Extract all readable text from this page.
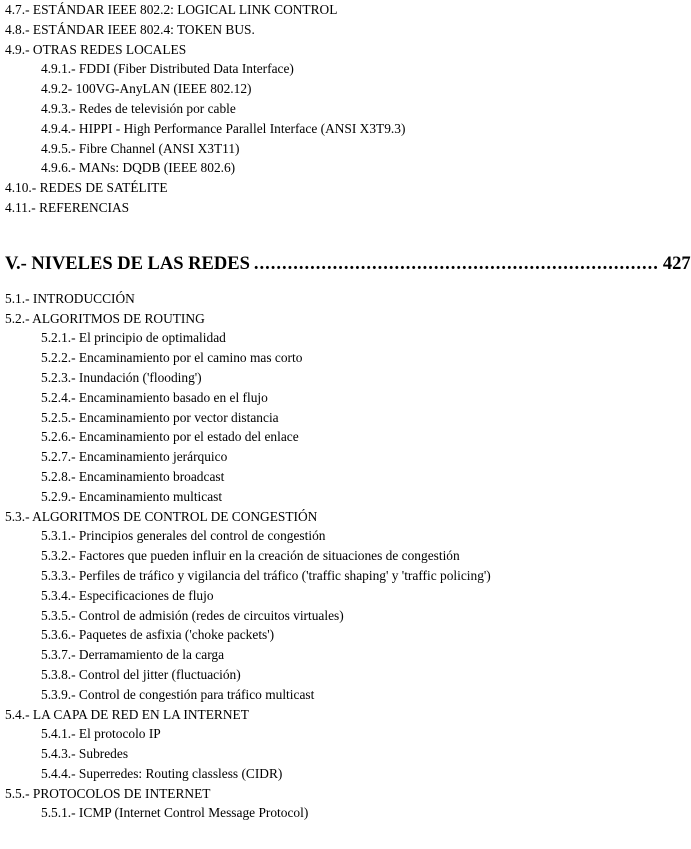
4.7.- ESTÁNDAR IEEE 802.2: LOGICAL LINK CONTROL
4.8.- ESTÁNDAR IEEE 802.4: TOKEN BUS.
4.9.- OTRAS REDES LOCALES
4.9.1.- FDDI (Fiber Distributed Data Interface)
4.9.2- 100VG-AnyLAN (IEEE 802.12)
4.9.3.- Redes de televisión por cable
4.9.4.- HIPPI - High Performance Parallel Interface (ANSI X3T9.3)
4.9.5.- Fibre Channel (ANSI X3T11)
4.9.6.- MANs: DQDB (IEEE 802.6)
4.10.- REDES DE SATÉLITE
4.11.- REFERENCIAS
V.- NIVELES DE LAS REDES ........................................................................ 427
5.1.- INTRODUCCIÓN
5.2.- ALGORITMOS DE ROUTING
5.2.1.- El principio de optimalidad
5.2.2.- Encaminamiento por el camino mas corto
5.2.3.- Inundación ('flooding')
5.2.4.- Encaminamiento basado en el flujo
5.2.5.- Encaminamiento por vector distancia
5.2.6.- Encaminamiento por el estado del enlace
5.2.7.- Encaminamiento jerárquico
5.2.8.- Encaminamiento broadcast
5.2.9.- Encaminamiento multicast
5.3.- ALGORITMOS DE CONTROL DE CONGESTIÓN
5.3.1.- Principios generales del control de congestión
5.3.2.- Factores que pueden influir en la creación de situaciones de congestión
5.3.3.- Perfiles de tráfico y vigilancia del tráfico ('traffic shaping' y 'traffic policing')
5.3.4.- Especificaciones de flujo
5.3.5.- Control de admisión (redes de circuitos virtuales)
5.3.6.- Paquetes de asfixia ('choke packets')
5.3.7.- Derramamiento de la carga
5.3.8.- Control del jitter (fluctuación)
5.3.9.- Control de congestión para tráfico multicast
5.4.- LA CAPA DE RED EN LA INTERNET
5.4.1.- El protocolo IP
5.4.3.- Subredes
5.4.4.- Superredes: Routing classless (CIDR)
5.5.- PROTOCOLOS DE INTERNET
5.5.1.- ICMP (Internet Control Message Protocol)
